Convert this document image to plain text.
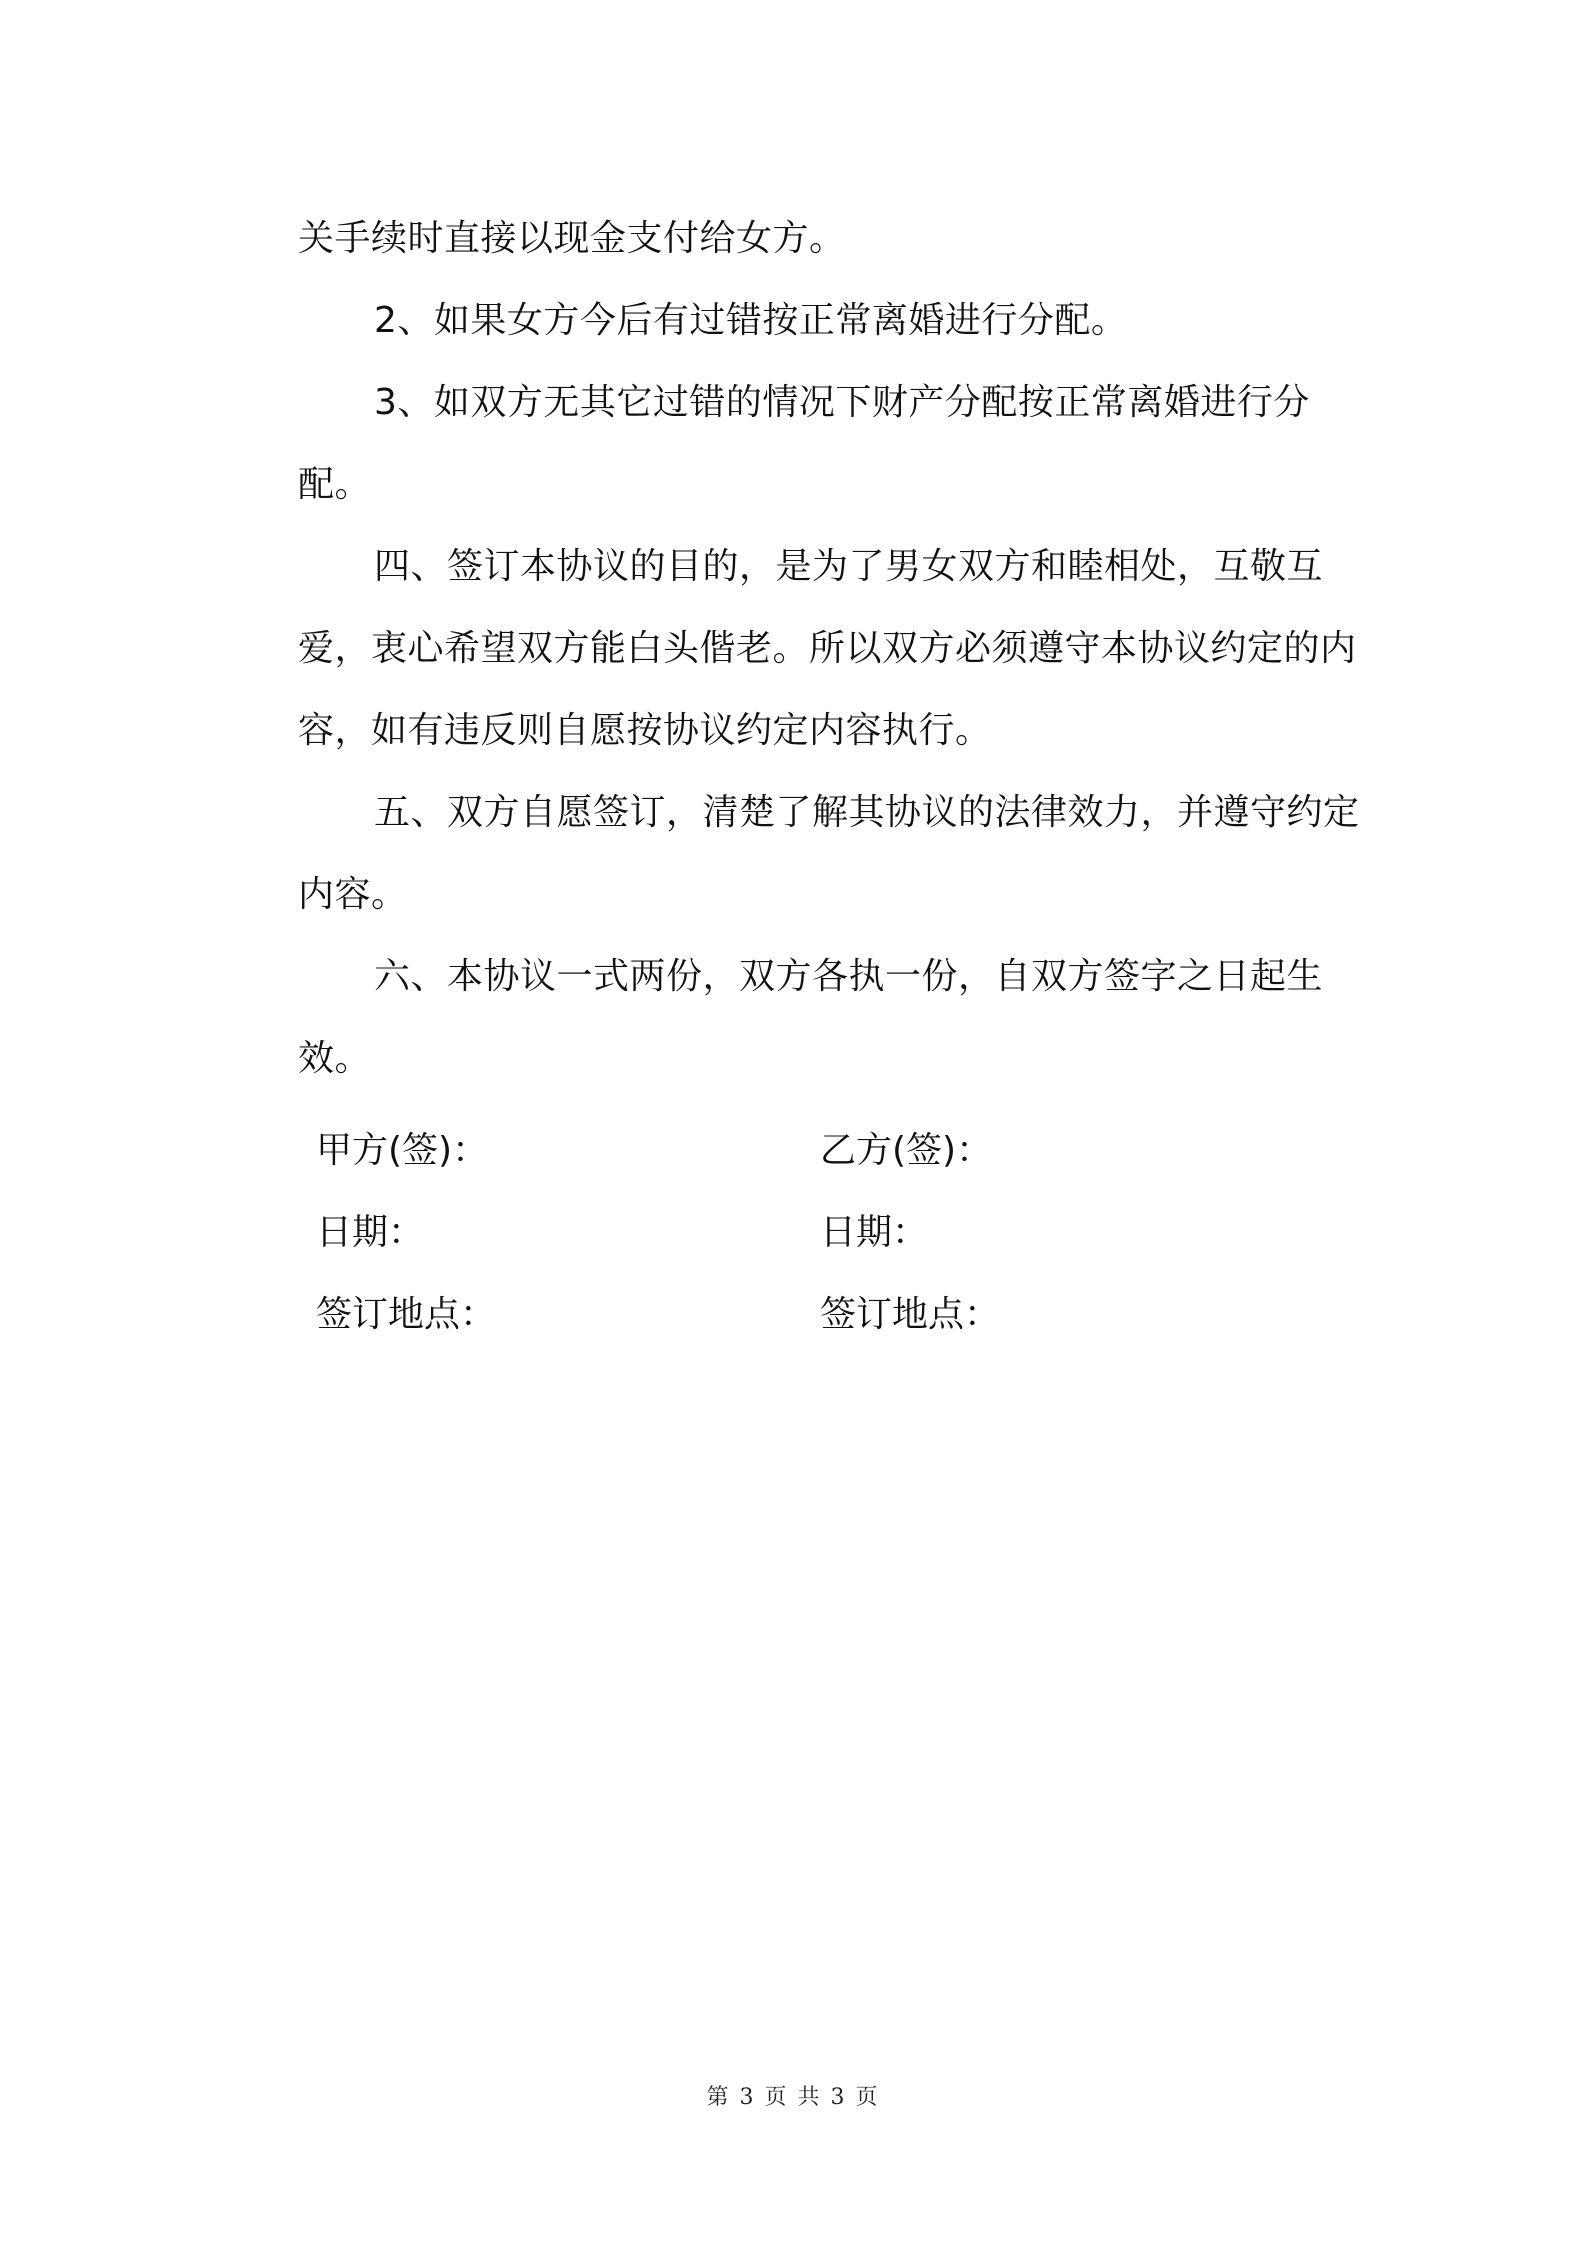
关手续时直接以现金支付给女方。

2、如果女方今后有过错按正常离婚进行分配。

3、如双方无其它过错的情况下财产分配按正常离婚进行分配。

四、签订本协议的目的，是为了男女双方和睦相处，互敬互爱，衷心希望双方能白头偕老。所以双方必须遵守本协议约定的内容，如有违反则自愿按协议约定内容执行。

五、双方自愿签订，清楚了解其协议的法律效力，并遵守约定内容。

六、本协议一式两份，双方各执一份，自双方签字之日起生效。

甲方(签)：	乙方(签)：
日期：	日期：
签订地点：	签订地点：
第 3 页 共 3 页
